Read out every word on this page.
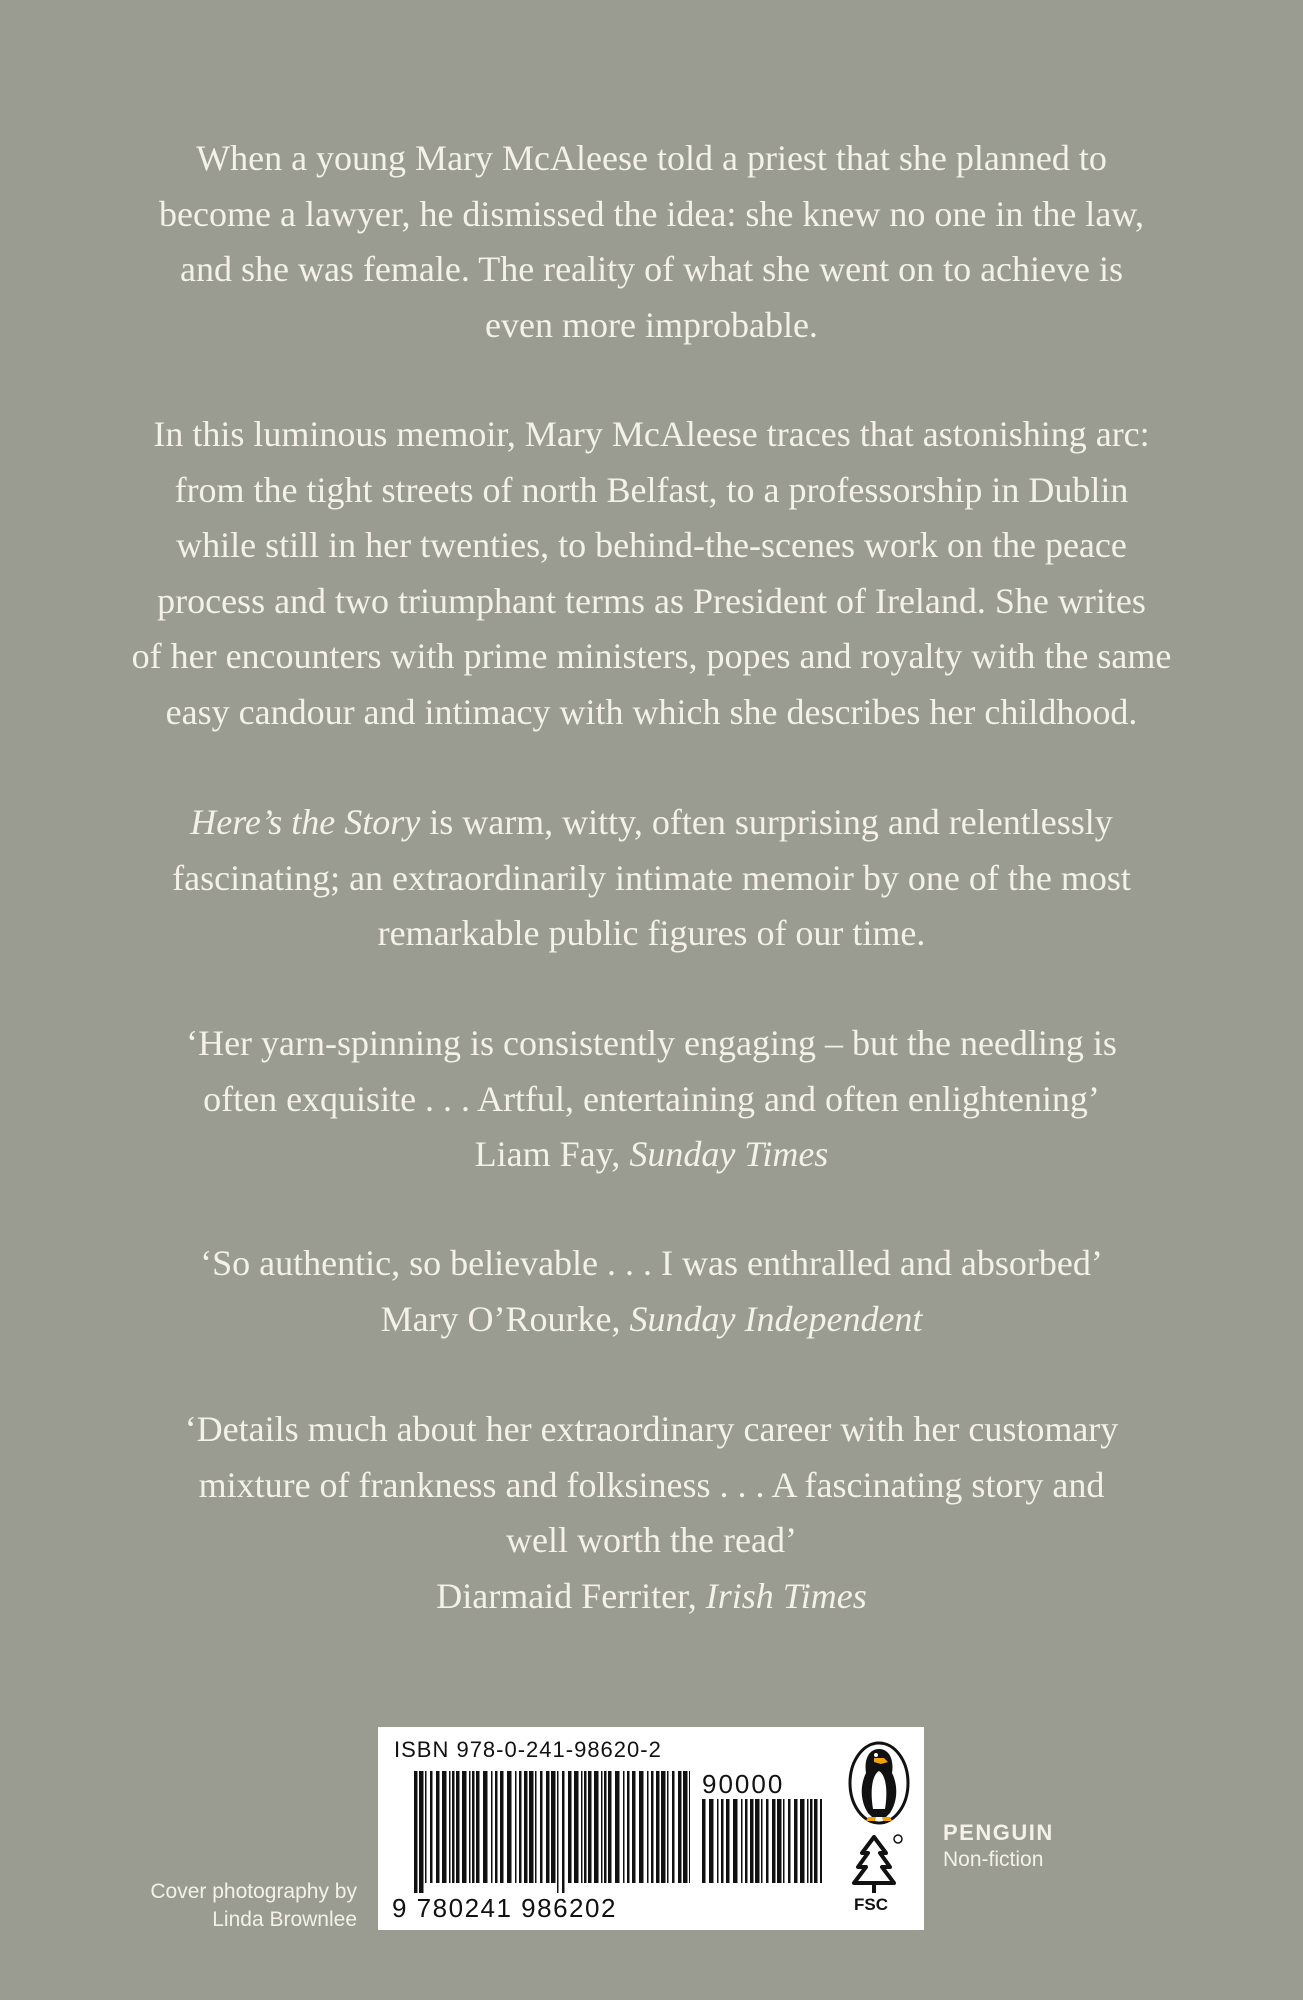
When a young Mary McAleese told a priest that she planned to
become a lawyer, he dismissed the idea: she knew no one in the law,
and she was female. The reality of what she went on to achieve is
even more improbable.

In this luminous memoir, Mary McAleese traces that astonishing arc:
from the tight streets of north Belfast, to a professorship in Dublin
while still in her twenties, to behind-the-scenes work on the peace
process and two triumphant terms as President of Ireland. She writes
of her encounters with prime ministers, popes and royalty with the same
easy candour and intimacy with which she describes her childhood.

Here’s the Story is warm, witty, often surprising and relentlessly
fascinating; an extraordinarily intimate memoir by one of the most
remarkable public figures of our time.

‘Her yarn-spinning is consistently engaging – but the needling is
often exquisite . . . Artful, entertaining and often enlightening’
Liam Fay, Sunday Times

‘So authentic, so believable . . . I was enthralled and absorbed’
Mary O’Rourke, Sunday Independent

‘Details much about her extraordinary career with her customary
mixture of frankness and folksiness . . . A fascinating story and
well worth the read’
Diarmaid Ferriter, Irish Times

Cover photography by
Linda Brownlee
ISBN 978-0-241-98620-2
90000
9 780241 986202	FSC
PENGUIN
Non-fiction
